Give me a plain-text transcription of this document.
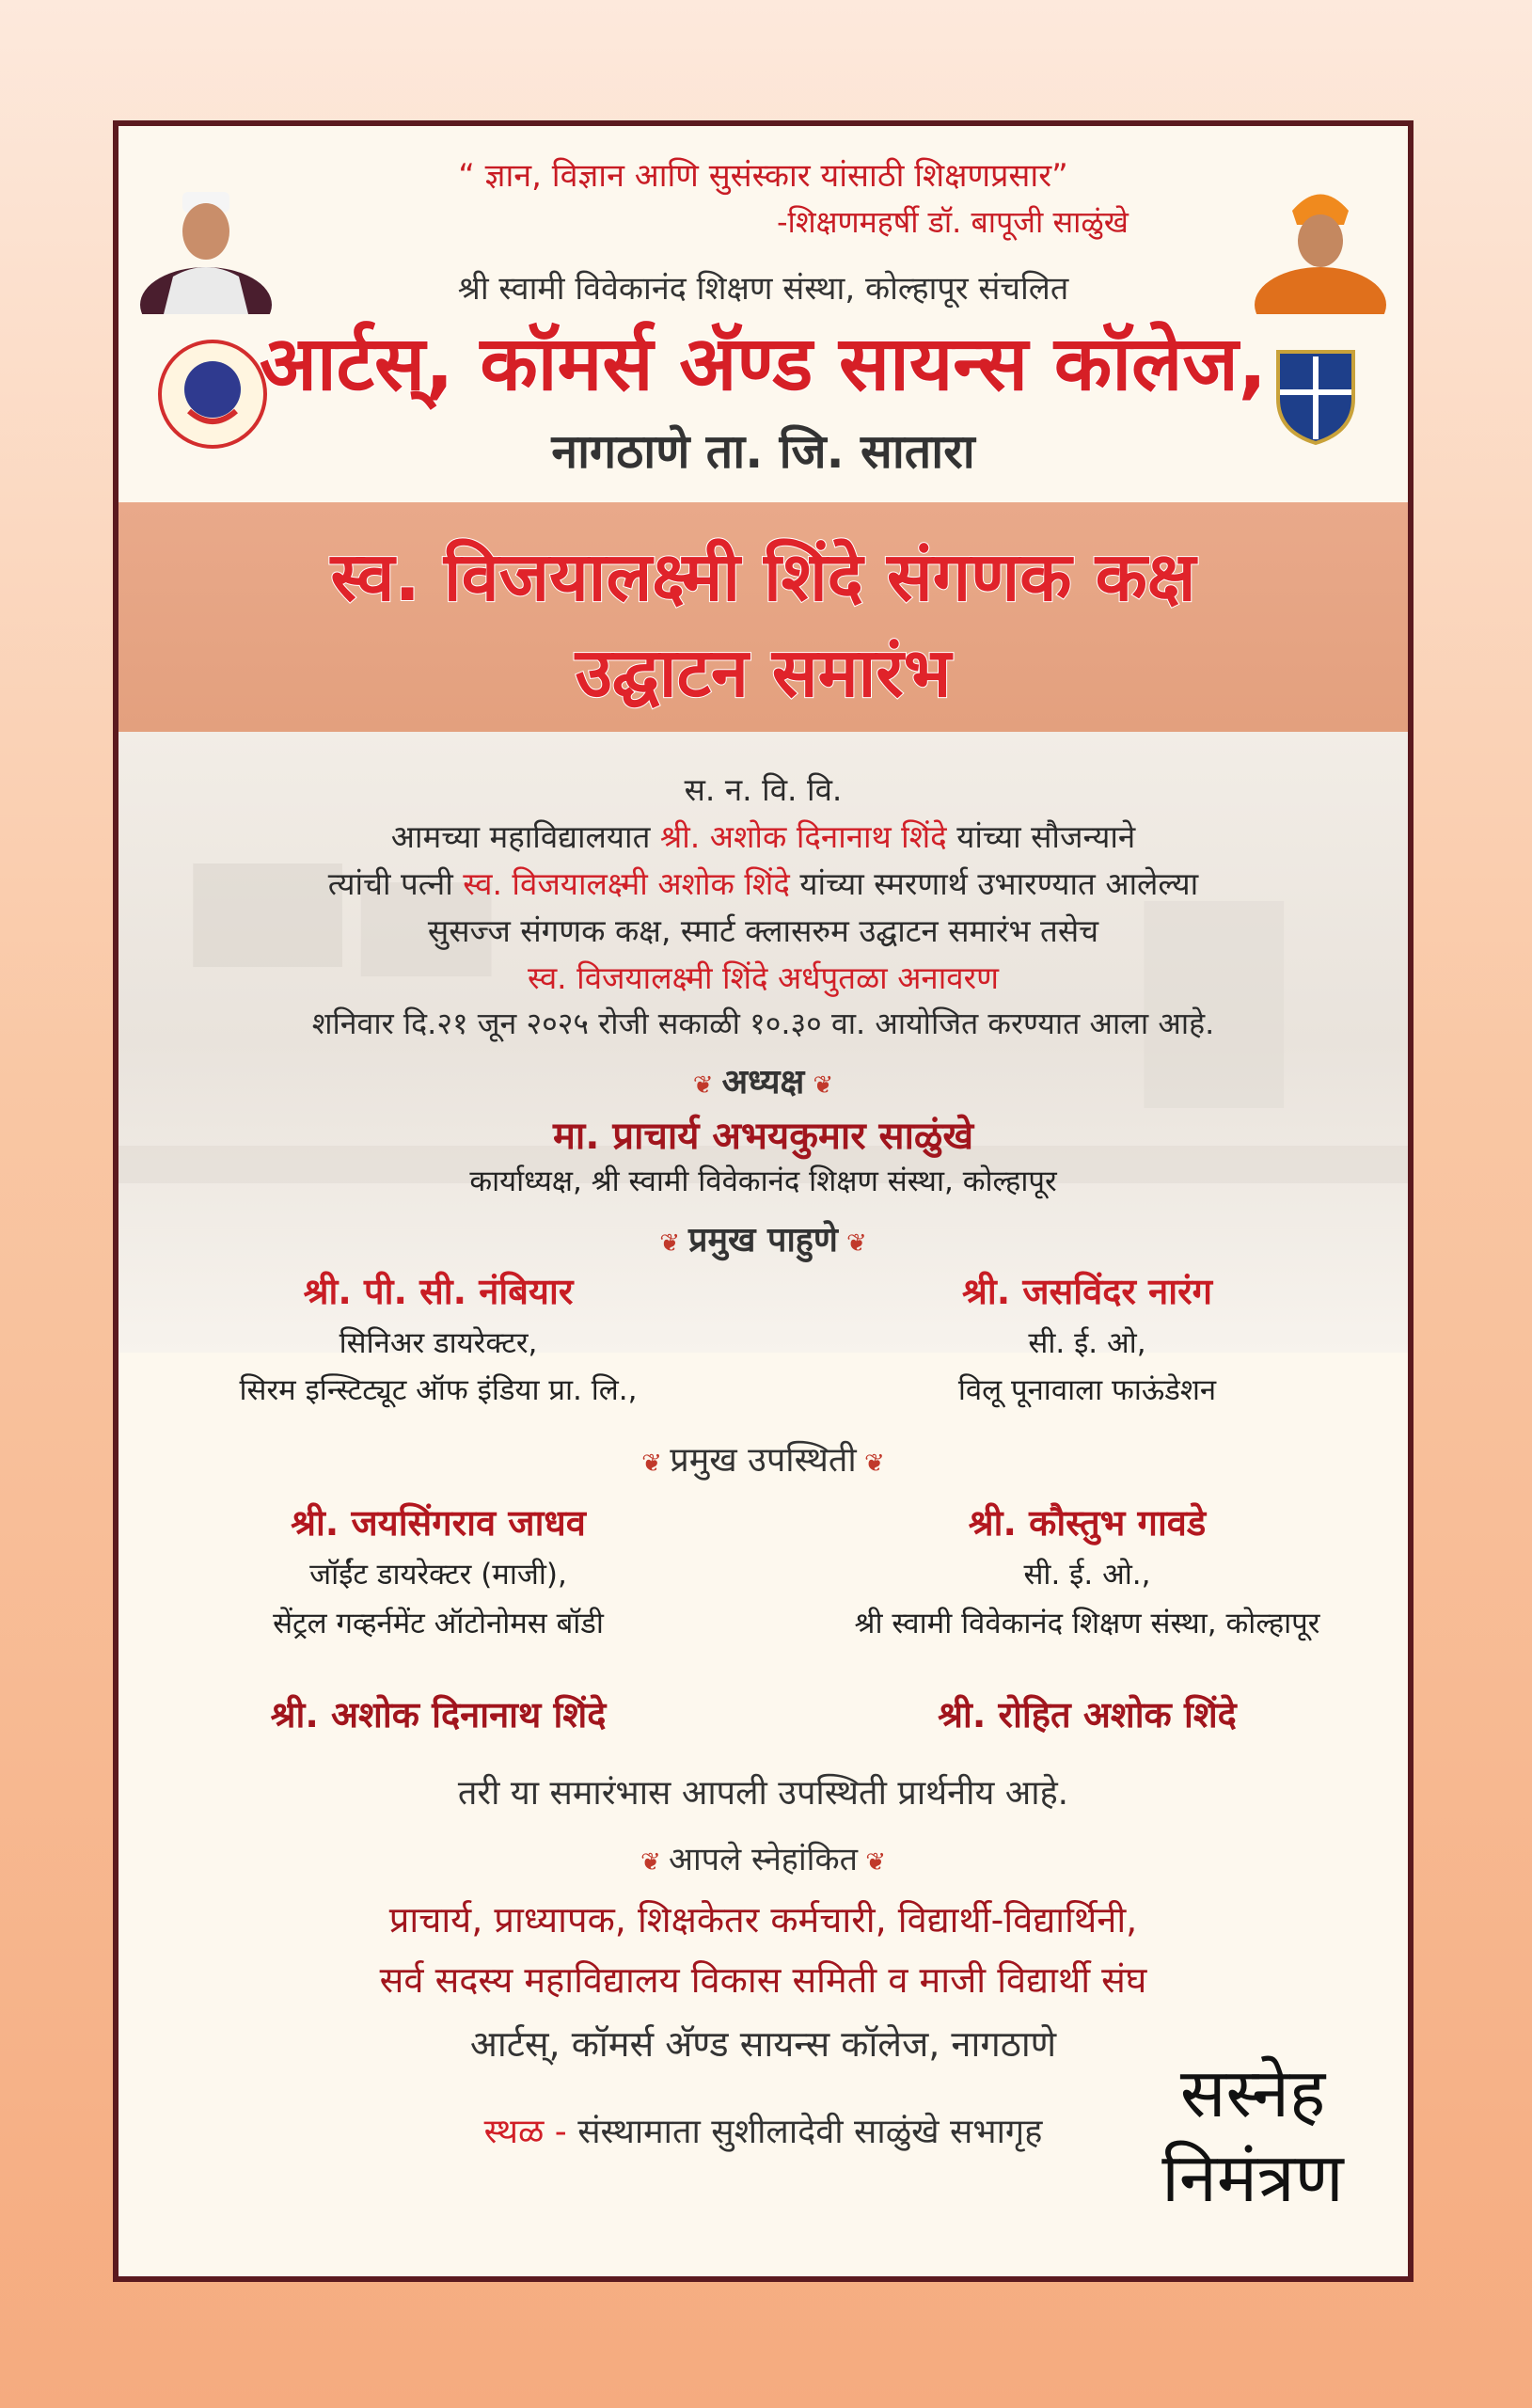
“ ज्ञान, विज्ञान आणि सुसंस्कार यांसाठी शिक्षणप्रसार”
-शिक्षणमहर्षी डॉ. बापूजी साळुंखे
श्री स्वामी विवेकानंद शिक्षण संस्था, कोल्हापूर संचलित
आर्टस्, कॉमर्स अ‍ॅण्ड सायन्स कॉलेज,
नागठाणे ता. जि. सातारा
स्व. विजयालक्ष्मी शिंदे संगणक कक्ष
उद्घाटन समारंभ
स. न. वि. वि.
आमच्या महाविद्यालयात श्री. अशोक दिनानाथ शिंदे यांच्या सौजन्याने
त्यांची पत्नी स्व. विजयालक्ष्मी अशोक शिंदे यांच्या स्मरणार्थ उभारण्यात आलेल्या
सुसज्ज संगणक कक्ष, स्मार्ट क्लासरुम उद्घाटन समारंभ तसेच
स्व. विजयालक्ष्मी शिंदे अर्धपुतळा अनावरण
शनिवार दि.२१ जून २०२५ रोजी सकाळी १०.३० वा. आयोजित करण्यात आला आहे.
❦ अध्यक्ष ❦
मा. प्राचार्य अभयकुमार साळुंखे
कार्याध्यक्ष, श्री स्वामी विवेकानंद शिक्षण संस्था, कोल्हापूर
❦ प्रमुख पाहुणे ❦
श्री. पी. सी. नंबियार
सिनिअर डायरेक्टर,
सिरम इन्स्टिट्यूट ऑफ इंडिया प्रा. लि.,
श्री. जसविंदर नारंग
सी. ई. ओ,
विलू पूनावाला फाऊंडेशन
❦ प्रमुख उपस्थिती ❦
श्री. जयसिंगराव जाधव
जॉईंट डायरेक्टर (माजी),
सेंट्रल गव्हर्नमेंट ऑटोनोमस बॉडी
श्री. कौस्तुभ गावडे
सी. ई. ओ.,
श्री स्वामी विवेकानंद शिक्षण संस्था, कोल्हापूर
श्री. अशोक दिनानाथ शिंदे	श्री. रोहित अशोक शिंदे
तरी या समारंभास आपली उपस्थिती प्रार्थनीय आहे.
❦ आपले स्नेहांकित ❦
प्राचार्य, प्राध्यापक, शिक्षकेतर कर्मचारी, विद्यार्थी-विद्यार्थिनी,
सर्व सदस्य महाविद्यालय विकास समिती व माजी विद्यार्थी संघ
आर्टस्, कॉमर्स अ‍ॅण्ड सायन्स कॉलेज, नागठाणे
स्थळ - संस्थामाता सुशीलादेवी साळुंखे सभागृह	सस्नेह
निमंत्रण
